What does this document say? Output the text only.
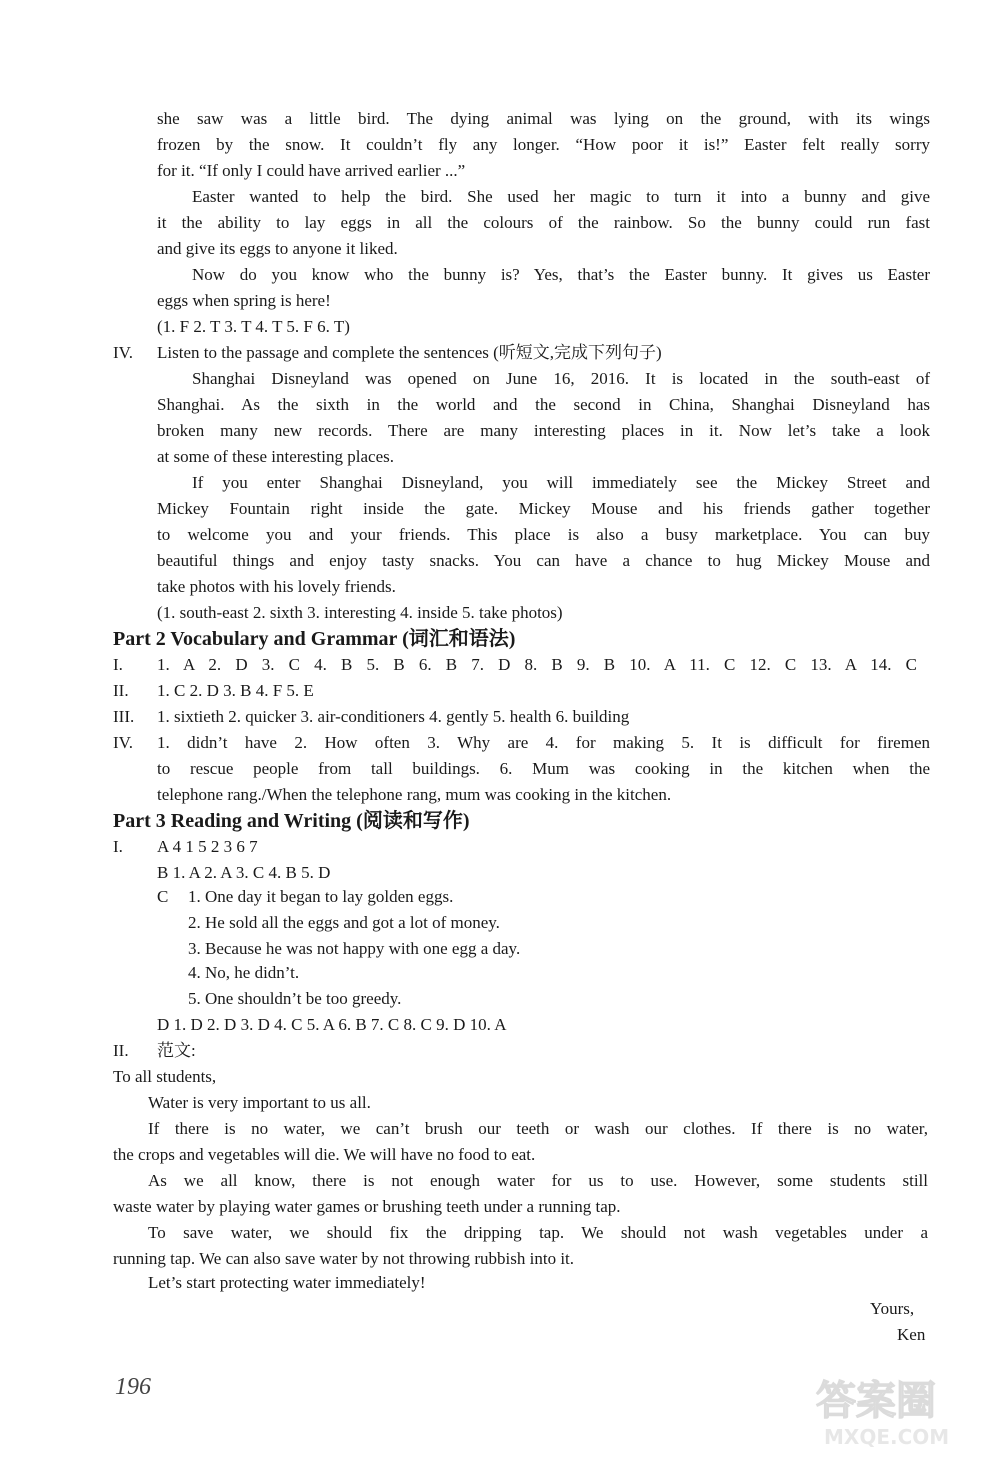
she saw was a little bird. The dying animal was lying on the ground, with its wings
frozen by the snow. It couldn’t fly any longer. “How poor it is!” Easter felt really sorry
for it. “If only I could have arrived earlier ...”
Easter wanted to help the bird. She used her magic to turn it into a bunny and give
it the ability to lay eggs in all the colours of the rainbow. So the bunny could run fast
and give its eggs to anyone it liked.
Now do you know who the bunny is? Yes, that’s the Easter bunny. It gives us Easter
eggs when spring is here!
(1. F 2. T 3. T 4. T 5. F 6. T)
IV. Listen to the passage and complete the sentences (听短文,完成下列句子)
Shanghai Disneyland was opened on June 16, 2016. It is located in the south-east of
Shanghai. As the sixth in the world and the second in China, Shanghai Disneyland has
broken many new records. There are many interesting places in it. Now let’s take a look
at some of these interesting places.
If you enter Shanghai Disneyland, you will immediately see the Mickey Street and
Mickey Fountain right inside the gate. Mickey Mouse and his friends gather together
to welcome you and your friends. This place is also a busy marketplace. You can buy
beautiful things and enjoy tasty snacks. You can have a chance to hug Mickey Mouse and
take photos with his lovely friends.
(1. south-east 2. sixth 3. interesting 4. inside 5. take photos)
Part 2 Vocabulary and Grammar (词汇和语法)
I. 1. A 2. D 3. C 4. B 5. B 6. B 7. D 8. B 9. B 10. A 11. C 12. C 13. A 14. C
II. 1. C 2. D 3. B 4. F 5. E
III. 1. sixtieth 2. quicker 3. air-conditioners 4. gently 5. health 6. building
IV. 1. didn’t have 2. How often 3. Why are 4. for making 5. It is difficult for firemen
to rescue people from tall buildings. 6. Mum was cooking in the kitchen when the
telephone rang./When the telephone rang, mum was cooking in the kitchen.
Part 3 Reading and Writing (阅读和写作)
I. A 4 1 5 2 3 6 7
B 1. A 2. A 3. C 4. B 5. D
C 1. One day it began to lay golden eggs.
2. He sold all the eggs and got a lot of money.
3. Because he was not happy with one egg a day.
4. No, he didn’t.
5. One shouldn’t be too greedy.
D 1. D 2. D 3. D 4. C 5. A 6. B 7. C 8. C 9. D 10. A
II. 范文:
To all students,
Water is very important to us all.
If there is no water, we can’t brush our teeth or wash our clothes. If there is no water,
the crops and vegetables will die. We will have no food to eat.
As we all know, there is not enough water for us to use. However, some students still
waste water by playing water games or brushing teeth under a running tap.
To save water, we should fix the dripping tap. We should not wash vegetables under a
running tap. We can also save water by not throwing rubbish into it.
Let’s start protecting water immediately!
Yours,
Ken
196	答案圈
MXQE.COM
